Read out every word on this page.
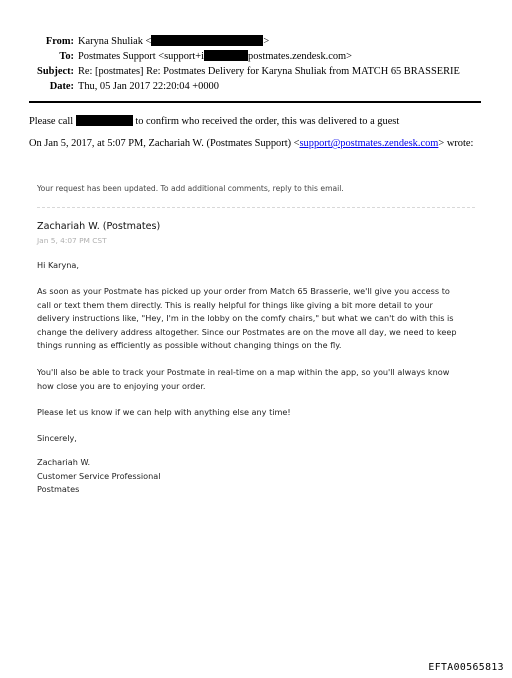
From: Karyna Shuliak <	>
To: Postmates Support <support+i	postmates.zendesk.com>
Subject: Re: [postmates] Re: Postmates Delivery for Karyna Shuliak from MATCH 65 BRASSERIE
Date: Thu, 05 Jan 2017 22:20:04 +0000
Please call	to confirm who received the order, this was delivered to a guest
On Jan 5, 2017, at 5:07 PM, Zachariah W. (Postmates Support) <support@postmates.zendesk.com> wrote:
Your request has been updated. To add additional comments, reply to this email.
Zachariah W. (Postmates)
Jan 5, 4:07 PM CST

Hi Karyna,

As soon as your Postmate has picked up your order from Match 65 Brasserie, we'll give you access to

call or text them them directly. This is really helpful for things like giving a bit more detail to your

delivery instructions like, "Hey, I'm in the lobby on the comfy chairs," but what we can't do with this is

change the delivery address altogether. Since our Postmates are on the move all day, we need to keep

things running as efficiently as possible without changing things on the fly.

You'll also be able to track your Postmate in real-time on a map within the app, so you'll always know

how close you are to enjoying your order.

Please let us know if we can help with anything else any time!

Sincerely,

Zachariah W.

Customer Service Professional

Postmates

EFTA00565813
